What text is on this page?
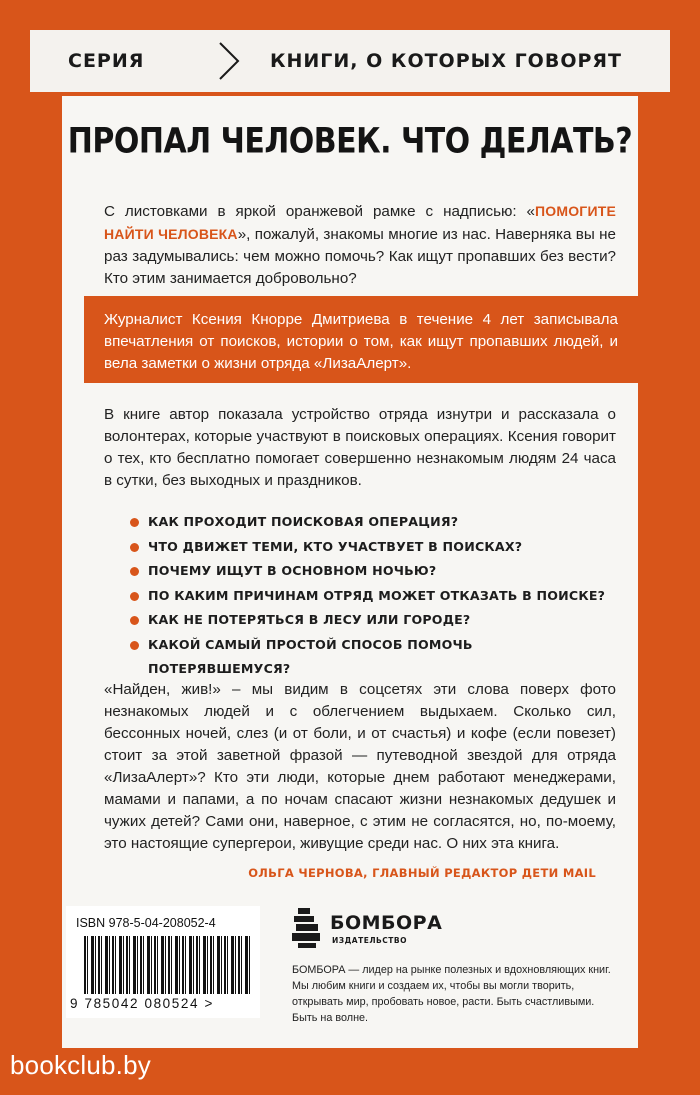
СЕРИЯ	КНИГИ, О КОТОРЫХ ГОВОРЯТ
ПРОПАЛ ЧЕЛОВЕК. ЧТО ДЕЛАТЬ?

С листовками в яркой оранжевой рамке с надписью: «ПОМОГИТЕ НАЙТИ ЧЕЛОВЕКА», пожалуй, знакомы многие из нас. Наверняка вы не раз задумывались: чем можно помочь? Как ищут пропавших без вести? Кто этим занимается добровольно?

Журналист Ксения Кнорре Дмитриева в течение 4 лет записывала впечатления от поисков, истории о том, как ищут пропавших людей, и вела заметки о жизни отряда «ЛизаАлерт».

В книге автор показала устройство отряда изнутри и рассказала о волонтерах, которые участвуют в поисковых операциях. Ксения говорит о тех, кто бесплатно помогает совершенно незнакомым людям 24 часа в сутки, без выходных и праздников.

КАК ПРОХОДИТ ПОИСКОВАЯ ОПЕРАЦИЯ?
ЧТО ДВИЖЕТ ТЕМИ, КТО УЧАСТВУЕТ В ПОИСКАХ?
ПОЧЕМУ ИЩУТ В ОСНОВНОМ НОЧЬЮ?
ПО КАКИМ ПРИЧИНАМ ОТРЯД МОЖЕТ ОТКАЗАТЬ В ПОИСКЕ?
КАК НЕ ПОТЕРЯТЬСЯ В ЛЕСУ ИЛИ ГОРОДЕ?
КАКОЙ САМЫЙ ПРОСТОЙ СПОСОБ ПОМОЧЬ ПОТЕРЯВШЕМУСЯ?

«Найден, жив!» – мы видим в соцсетях эти слова поверх фото незнакомых людей и с облегчением выдыхаем. Сколько сил, бессонных ночей, слез (и от боли, и от счастья) и кофе (если повезет) стоит за этой заветной фразой — путеводной звездой для отряда «ЛизаАлерт»? Кто эти люди, которые днем работают менеджерами, мамами и папами, а по ночам спасают жизни незнакомых дедушек и чужих детей? Сами они, наверное, с этим не согласятся, но, по-моему, это настоящие супергерои, живущие среди нас. О них эта книга.

ОЛЬГА ЧЕРНОВА, ГЛАВНЫЙ РЕДАКТОР ДЕТИ MAIL
ISBN 978-5-04-208052-4
9 785042 080524 >
БОМБОРА
ИЗДАТЕЛЬСТВО

БОМБОРА — лидер на рынке полезных и вдохновляющих книг. Мы любим книги и создаем их, чтобы вы могли творить, открывать мир, пробовать новое, расти. Быть счастливыми. Быть на волне.

bookclub.by
